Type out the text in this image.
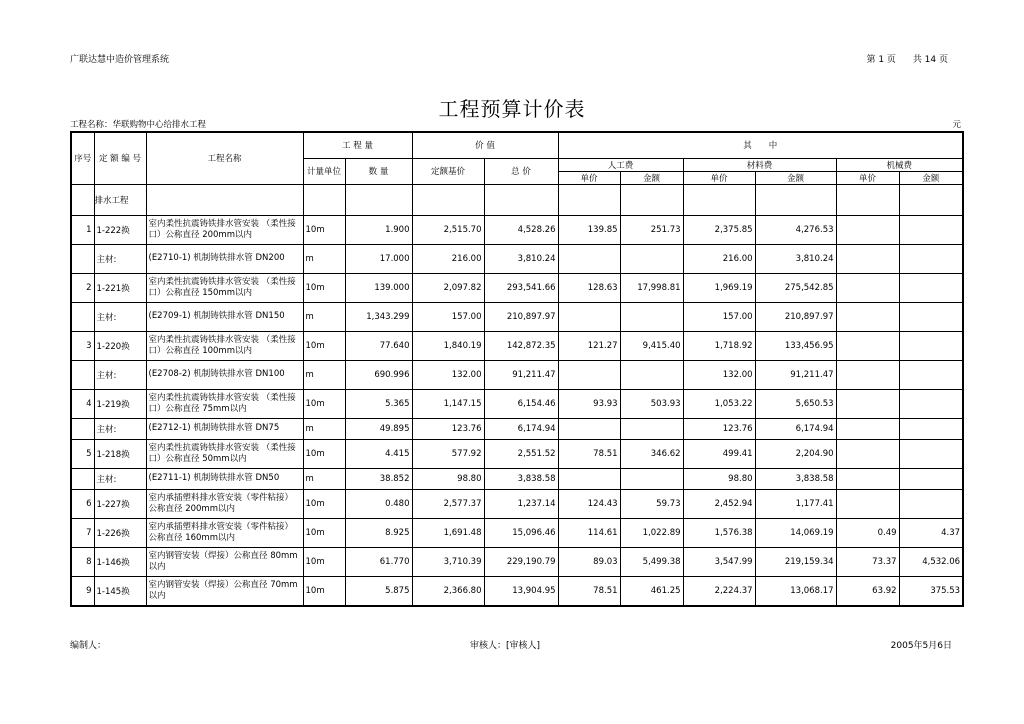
广联达慧中造价管理系统	第 1 页 共 14 页
工程预算计价表
工程名称：华联购物中心给排水工程	元
序号	定 额 编 号	工程名称	工 程 量		价 值		其　　中					
			计量单位	数 量	定额基价	总 价	人工费		材料费		机械费	
							单价	金额	单价	金额	单价	金额
	排水工程											
1	1-222换	室内柔性抗震铸铁排水管安装 （柔性接口）公称直径 200mm以内	10m	1.900	2,515.70	4,528.26	139.85	251.73	2,375.85	4,276.53		
	主材:	(E2710-1) 机制铸铁排水管 DN200	m	17.000	216.00	3,810.24			216.00	3,810.24		
2	1-221换	室内柔性抗震铸铁排水管安装 （柔性接口）公称直径 150mm以内	10m	139.000	2,097.82	293,541.66	128.63	17,998.81	1,969.19	275,542.85		
	主材:	(E2709-1) 机制铸铁排水管 DN150	m	1,343.299	157.00	210,897.97			157.00	210,897.97		
3	1-220换	室内柔性抗震铸铁排水管安装 （柔性接口）公称直径 100mm以内	10m	77.640	1,840.19	142,872.35	121.27	9,415.40	1,718.92	133,456.95		
	主材:	(E2708-2) 机制铸铁排水管 DN100	m	690.996	132.00	91,211.47			132.00	91,211.47		
4	1-219换	室内柔性抗震铸铁排水管安装 （柔性接口）公称直径 75mm以内	10m	5.365	1,147.15	6,154.46	93.93	503.93	1,053.22	5,650.53		
	主材:	(E2712-1) 机制铸铁排水管 DN75	m	49.895	123.76	6,174.94			123.76	6,174.94		
5	1-218换	室内柔性抗震铸铁排水管安装 （柔性接口）公称直径 50mm以内	10m	4.415	577.92	2,551.52	78.51	346.62	499.41	2,204.90		
	主材:	(E2711-1) 机制铸铁排水管 DN50	m	38.852	98.80	3,838.58			98.80	3,838.58		
6	1-227换	室内承插塑料排水管安装（零件粘接）公称直径 200mm以内	10m	0.480	2,577.37	1,237.14	124.43	59.73	2,452.94	1,177.41		
7	1-226换	室内承插塑料排水管安装（零件粘接）公称直径 160mm以内	10m	8.925	1,691.48	15,096.46	114.61	1,022.89	1,576.38	14,069.19	0.49	4.37
8	1-146换	室内钢管安装（焊接）公称直径 80mm以内	10m	61.770	3,710.39	229,190.79	89.03	5,499.38	3,547.99	219,159.34	73.37	4,532.06
9	1-145换	室内钢管安装（焊接）公称直径 70mm以内	10m	5.875	2,366.80	13,904.95	78.51	461.25	2,224.37	13,068.17	63.92	375.53
编制人：	审核人：[审核人]	2005年5月6日
